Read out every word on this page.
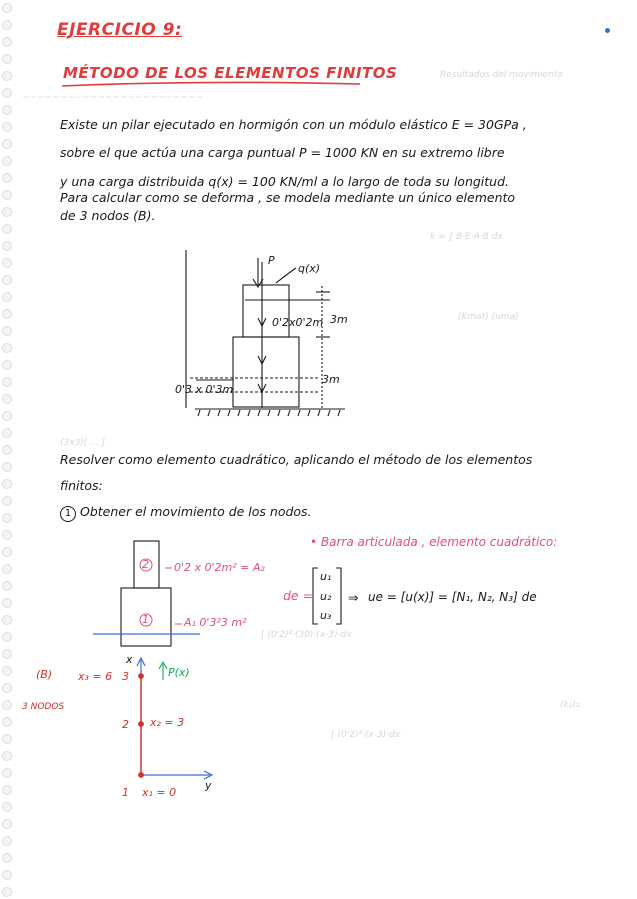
Resultados del movimiento
~~~~~~~~~~~~~~~~~~~~~~~~
k = ∫ B·E·A·B dx
(Kmat) (uma)
(3x3)[ ... ]
∫ (0'2)²·(30)·(x-3)·dx
(k₂)₂
∫ (0'2)²·(x-3)·dx
EJERCICIO 9:
MÉTODO DE LOS ELEMENTOS FINITOS
Existe un pilar ejecutado en hormigón con un módulo elástico E = 30GPa ,
sobre el que actúa una carga puntual P = 1000 KN en su extremo libre
y una carga distribuida q(x) = 100 KN/ml a lo largo de toda su longitud.
Para calcular como se deforma , se modela mediante un único elemento
de 3 nodos (B).
P
q(x)
0'2x0'2m 3m
0'3 x 0'3m
3m
Resolver como elemento cuadrático, aplicando el método de los elementos
finitos:
1 Obtener el movimiento de los nodos.
2
1
0'2 x 0'2m² = A₂
A₁ 0'3²3 m²
x
y
(B)
3 NODOS
x₃ = 6 3
2 x₂ = 3
1 x₁ = 0
P(x)
• Barra articulada , elemento cuadrático:
de =
u₁
u₂
u₃
⇒ ue = [u(x)] = [N₁, N₂, N₃] de
